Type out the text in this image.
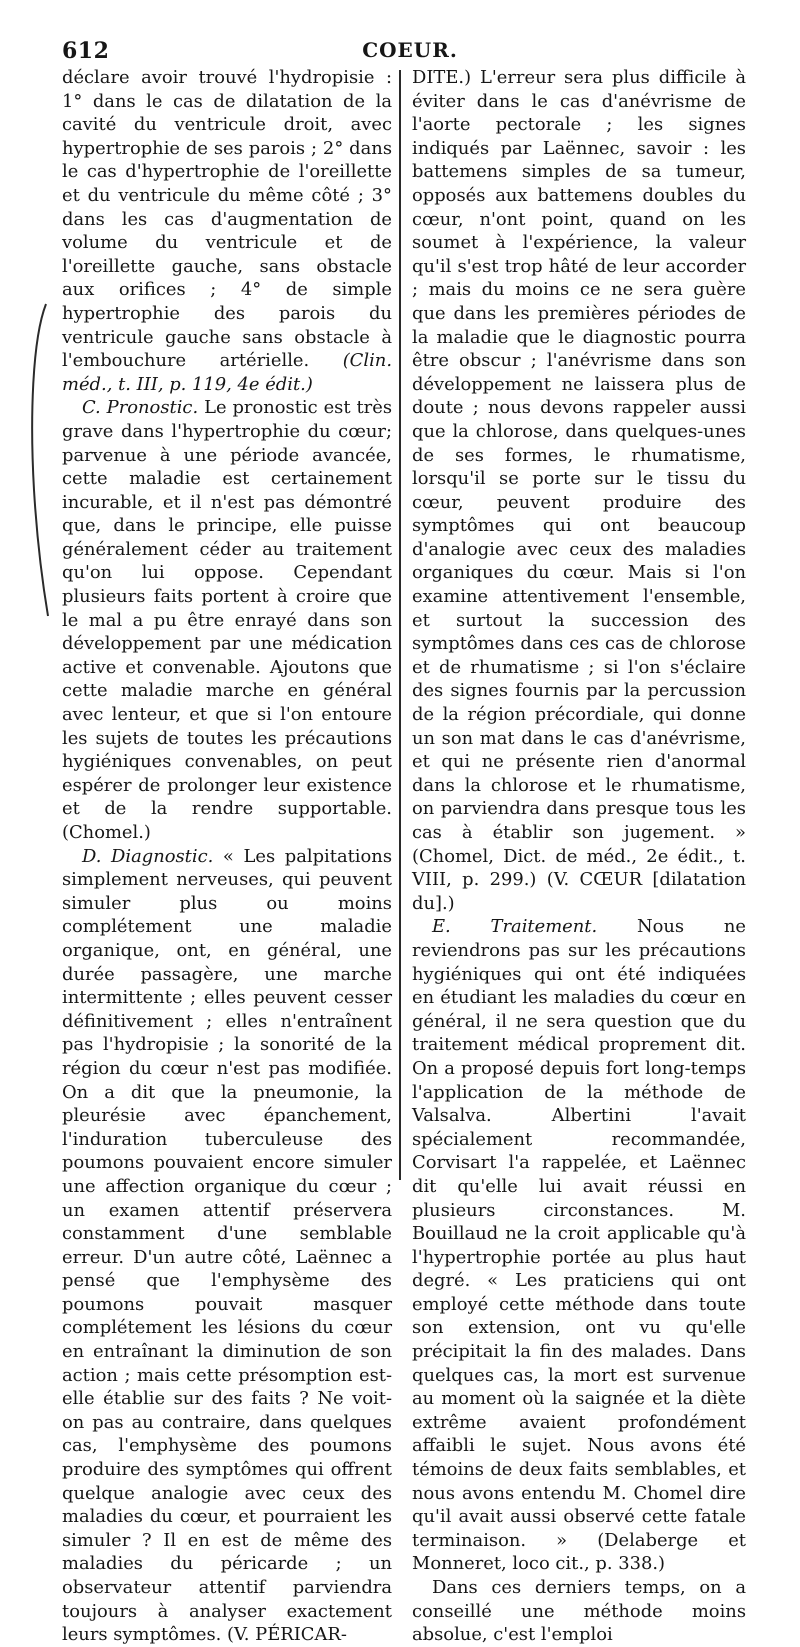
612	COEUR.

déclare avoir trouvé l'hydropisie : 1° dans le cas de dilatation de la cavité du ventricule droit, avec hypertrophie de ses parois ; 2° dans le cas d'hypertrophie de l'oreillette et du ventricule du même côté ; 3° dans les cas d'augmentation de volume du ventricule et de l'oreillette gauche, sans obstacle aux orifices ; 4° de simple hypertrophie des parois du ventricule gauche sans obstacle à l'embouchure artérielle. (Clin. méd., t. III, p. 119, 4e édit.)

C. Pronostic. Le pronostic est très grave dans l'hypertrophie du cœur; parvenue à une période avancée, cette maladie est certainement incurable, et il n'est pas démontré que, dans le principe, elle puisse généralement céder au traitement qu'on lui oppose. Cependant plusieurs faits portent à croire que le mal a pu être enrayé dans son développement par une médication active et convenable. Ajoutons que cette maladie marche en général avec lenteur, et que si l'on entoure les sujets de toutes les précautions hygiéniques convenables, on peut espérer de prolonger leur existence et de la rendre supportable. (Chomel.)

D. Diagnostic. « Les palpitations simplement nerveuses, qui peuvent simuler plus ou moins complétement une maladie organique, ont, en général, une durée passagère, une marche intermittente ; elles peuvent cesser définitivement ; elles n'entraînent pas l'hydropisie ; la sonorité de la région du cœur n'est pas modifiée. On a dit que la pneumonie, la pleurésie avec épanchement, l'induration tuberculeuse des poumons pouvaient encore simuler une affection organique du cœur ; un examen attentif préservera constamment d'une semblable erreur. D'un autre côté, Laënnec a pensé que l'emphysème des poumons pouvait masquer complétement les lésions du cœur en entraînant la diminution de son action ; mais cette présomption est-elle établie sur des faits ? Ne voit-on pas au contraire, dans quelques cas, l'emphysème des poumons produire des symptômes qui offrent quelque analogie avec ceux des maladies du cœur, et pourraient les simuler ? Il en est de même des maladies du péricarde ; un observateur attentif parviendra toujours à analyser exactement leurs symptômes. (V. PÉRICAR-

DITE.) L'erreur sera plus difficile à éviter dans le cas d'anévrisme de l'aorte pectorale ; les signes indiqués par Laënnec, savoir : les battemens simples de sa tumeur, opposés aux battemens doubles du cœur, n'ont point, quand on les soumet à l'expérience, la valeur qu'il s'est trop hâté de leur accorder ; mais du moins ce ne sera guère que dans les premières périodes de la maladie que le diagnostic pourra être obscur ; l'anévrisme dans son développement ne laissera plus de doute ; nous devons rappeler aussi que la chlorose, dans quelques-unes de ses formes, le rhumatisme, lorsqu'il se porte sur le tissu du cœur, peuvent produire des symptômes qui ont beaucoup d'analogie avec ceux des maladies organiques du cœur. Mais si l'on examine attentivement l'ensemble, et surtout la succession des symptômes dans ces cas de chlorose et de rhumatisme ; si l'on s'éclaire des signes fournis par la percussion de la région précordiale, qui donne un son mat dans le cas d'anévrisme, et qui ne présente rien d'anormal dans la chlorose et le rhumatisme, on parviendra dans presque tous les cas à établir son jugement. » (Chomel, Dict. de méd., 2e édit., t. VIII, p. 299.) (V. CŒUR [dilatation du].)

E. Traitement. Nous ne reviendrons pas sur les précautions hygiéniques qui ont été indiquées en étudiant les maladies du cœur en général, il ne sera question que du traitement médical proprement dit. On a proposé depuis fort long-temps l'application de la méthode de Valsalva. Albertini l'avait spécialement recommandée, Corvisart l'a rappelée, et Laënnec dit qu'elle lui avait réussi en plusieurs circonstances. M. Bouillaud ne la croit applicable qu'à l'hypertrophie portée au plus haut degré. « Les praticiens qui ont employé cette méthode dans toute son extension, ont vu qu'elle précipitait la fin des malades. Dans quelques cas, la mort est survenue au moment où la saignée et la diète extrême avaient profondément affaibli le sujet. Nous avons été témoins de deux faits semblables, et nous avons entendu M. Chomel dire qu'il avait aussi observé cette fatale terminaison. » (Delaberge et Monneret, loco cit., p. 338.)

Dans ces derniers temps, on a conseillé une méthode moins absolue, c'est l'emploi
